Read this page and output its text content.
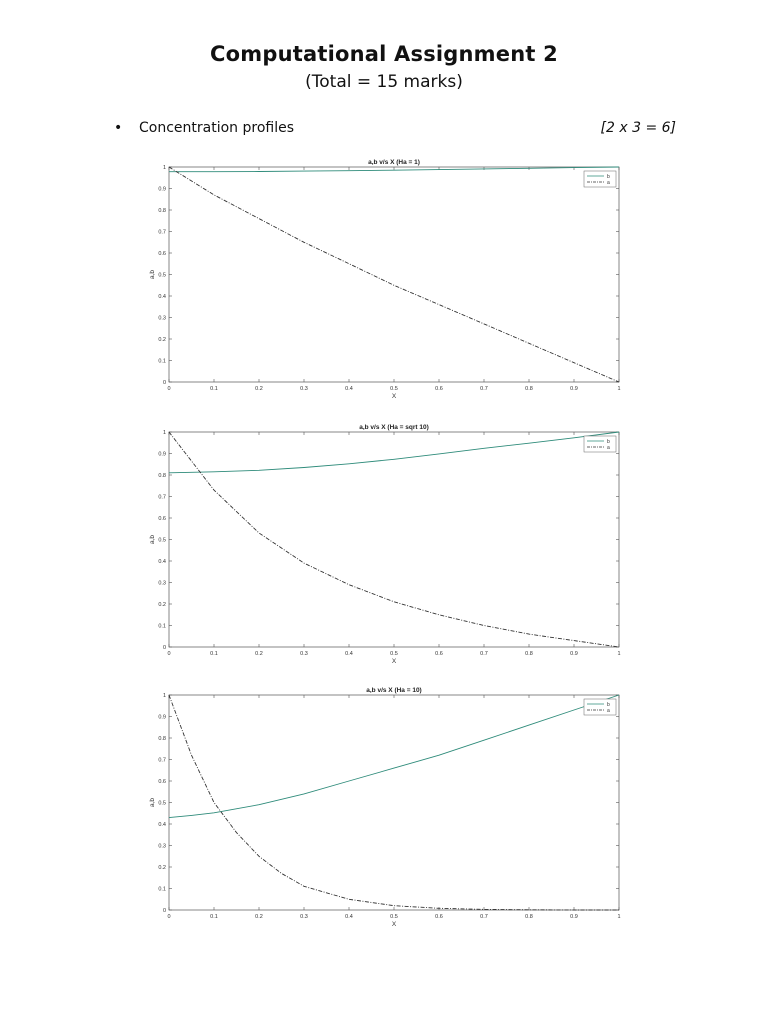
Computational Assignment 2
(Total = 15 marks)
• Concentration profiles	[2 x 3 = 6]
a,b v/s X (Ha = 1)
0	0.1	0.2	0.3	0.4	0.5	0.6	0.7	0.8	0.9	1
0
0.1
0.2
0.3
0.4
0.5
0.6
0.7
0.8
0.9
1
X
a,b
b
a
a,b v/s X (Ha = sqrt 10)
0	0.1	0.2	0.3	0.4	0.5	0.6	0.7	0.8	0.9	1
0
0.1
0.2
0.3
0.4
0.5
0.6
0.7
0.8
0.9
1
X
a,b
b
a
a,b v/s X (Ha = 10)
0	0.1	0.2	0.3	0.4	0.5	0.6	0.7	0.8	0.9	1
0
0.1
0.2
0.3
0.4
0.5
0.6
0.7
0.8
0.9
1
X
a,b
b
a
